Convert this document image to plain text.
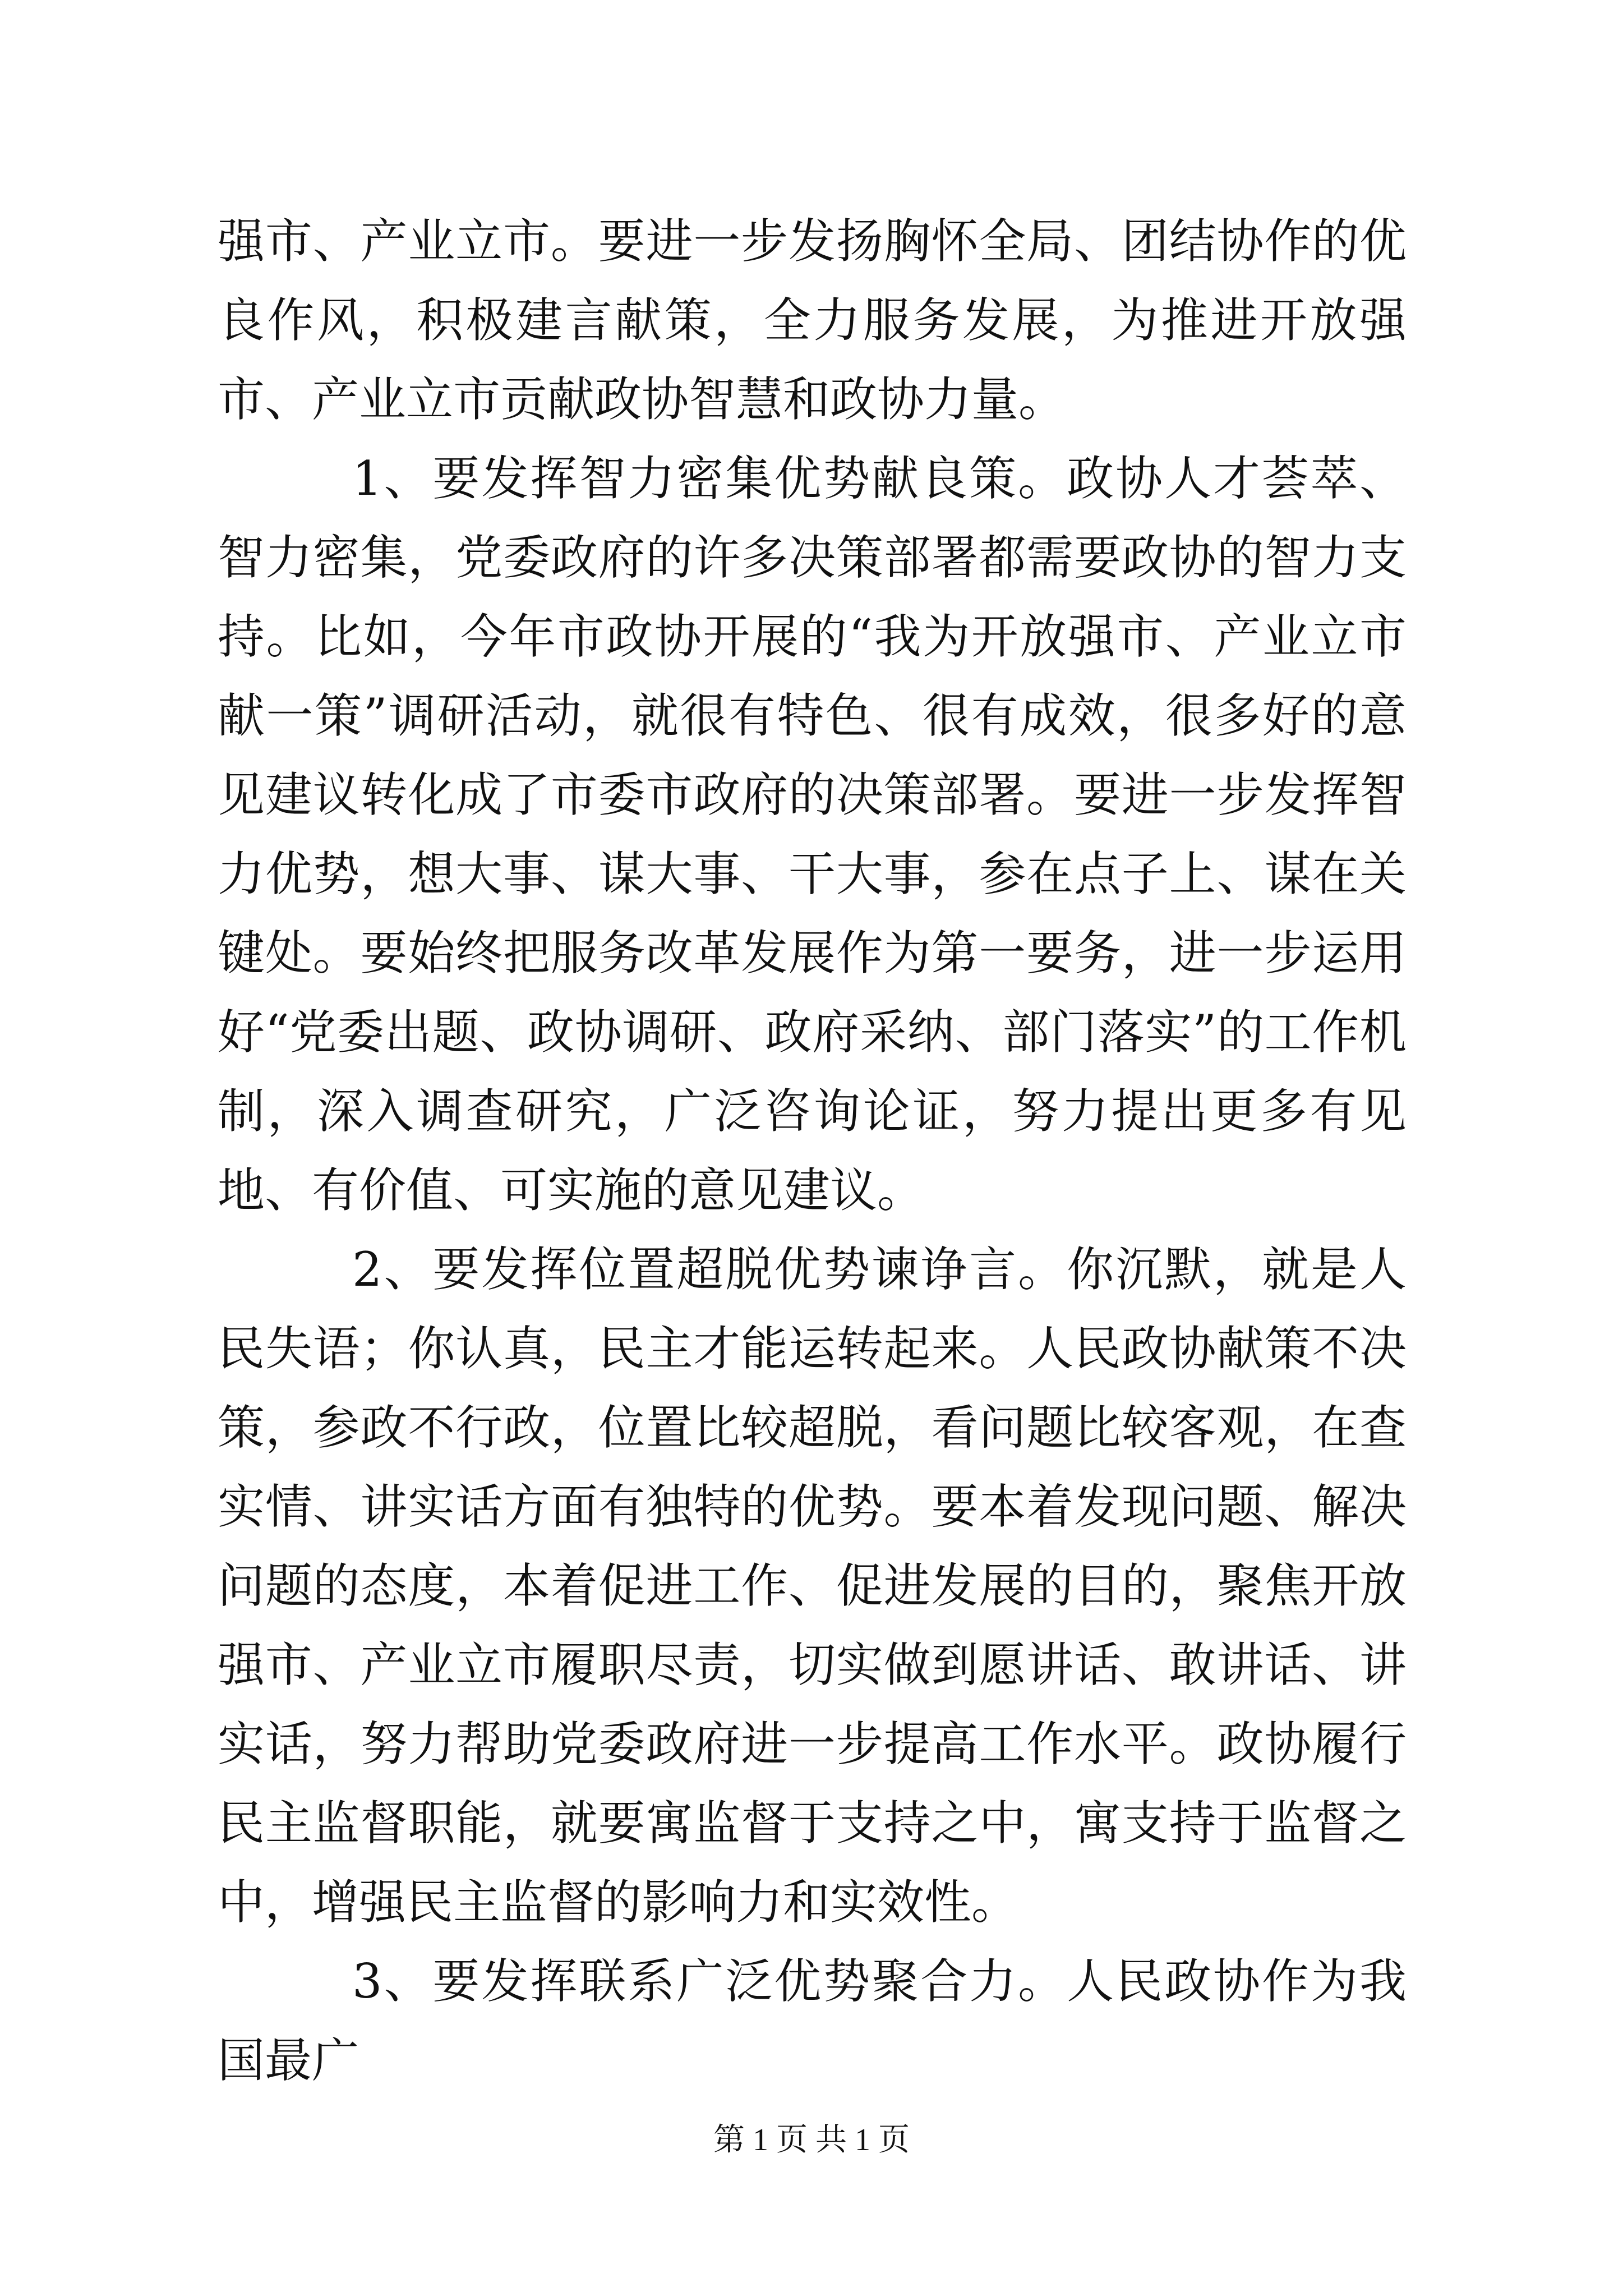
强市、产业立市。要进一步发扬胸怀全局、团结协作的优良作风，积极建言献策，全力服务发展，为推进开放强市、产业立市贡献政协智慧和政协力量。

1、要发挥智力密集优势献良策。政协人才荟萃、智力密集，党委政府的许多决策部署都需要政协的智力支持。比如，今年市政协开展的“我为开放强市、产业立市献一策”调研活动，就很有特色、很有成效，很多好的意见建议转化成了市委市政府的决策部署。要进一步发挥智力优势，想大事、谋大事、干大事，参在点子上、谋在关键处。要始终把服务改革发展作为第一要务，进一步运用好“党委出题、政协调研、政府采纳、部门落实”的工作机制，深入调查研究，广泛咨询论证，努力提出更多有见地、有价值、可实施的意见建议。

2、要发挥位置超脱优势谏诤言。你沉默，就是人民失语；你认真，民主才能运转起来。人民政协献策不决策，参政不行政，位置比较超脱，看问题比较客观，在查实情、讲实话方面有独特的优势。要本着发现问题、解决问题的态度，本着促进工作、促进发展的目的，聚焦开放强市、产业立市履职尽责，切实做到愿讲话、敢讲话、讲实话，努力帮助党委政府进一步提高工作水平。政协履行民主监督职能，就要寓监督于支持之中，寓支持于监督之中，增强民主监督的影响力和实效性。

3、要发挥联系广泛优势聚合力。人民政协作为我国最广

第 1 页 共 1 页
